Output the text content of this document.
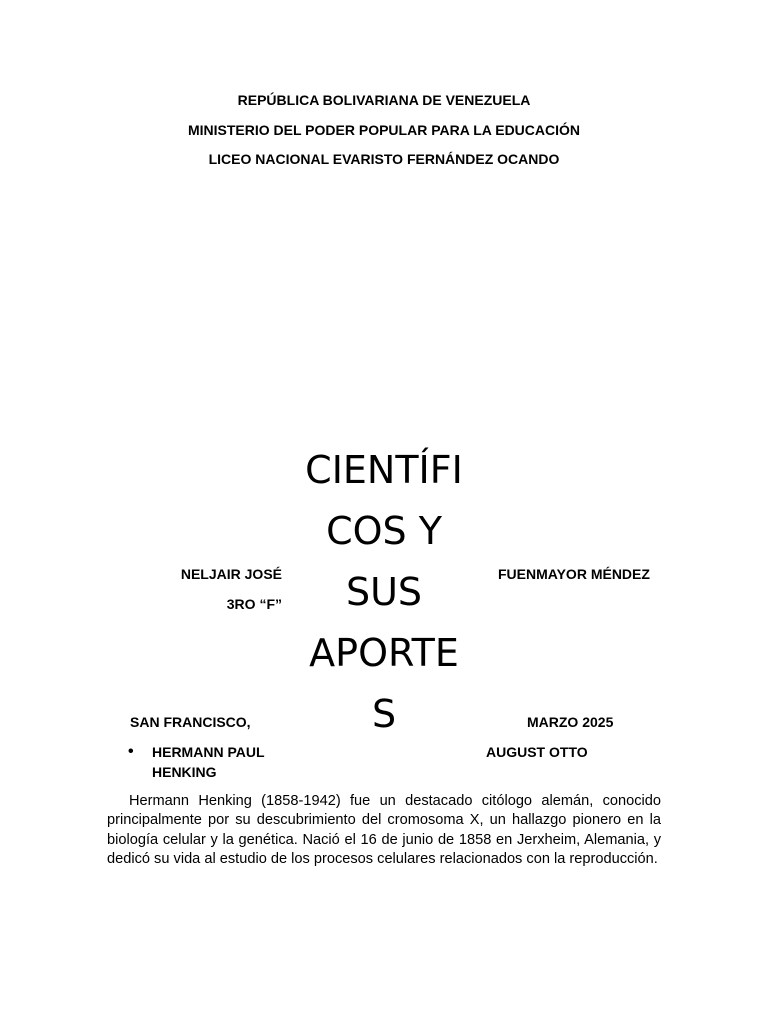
REPÚBLICA BOLIVARIANA DE VENEZUELA
MINISTERIO DEL PODER POPULAR PARA LA EDUCACIÓN
LICEO NACIONAL EVARISTO FERNÁNDEZ OCANDO
CIENTÍFI
COS Y
SUS
APORTE
S
NELJAIR JOSÉ	FUENMAYOR MÉNDEZ
3RO “F”
SAN FRANCISCO,	MARZO 2025
• HERMANN PAUL
HENKING
AUGUST OTTO
Hermann Henking (1858-1942) fue un destacado citólogo alemán, conocido principalmente por su descubrimiento del cromosoma X, un hallazgo pionero en la biología celular y la genética. Nació el 16 de junio de 1858 en Jerxheim, Alemania, y dedicó su vida al estudio de los procesos celulares relacionados con la reproducción.
